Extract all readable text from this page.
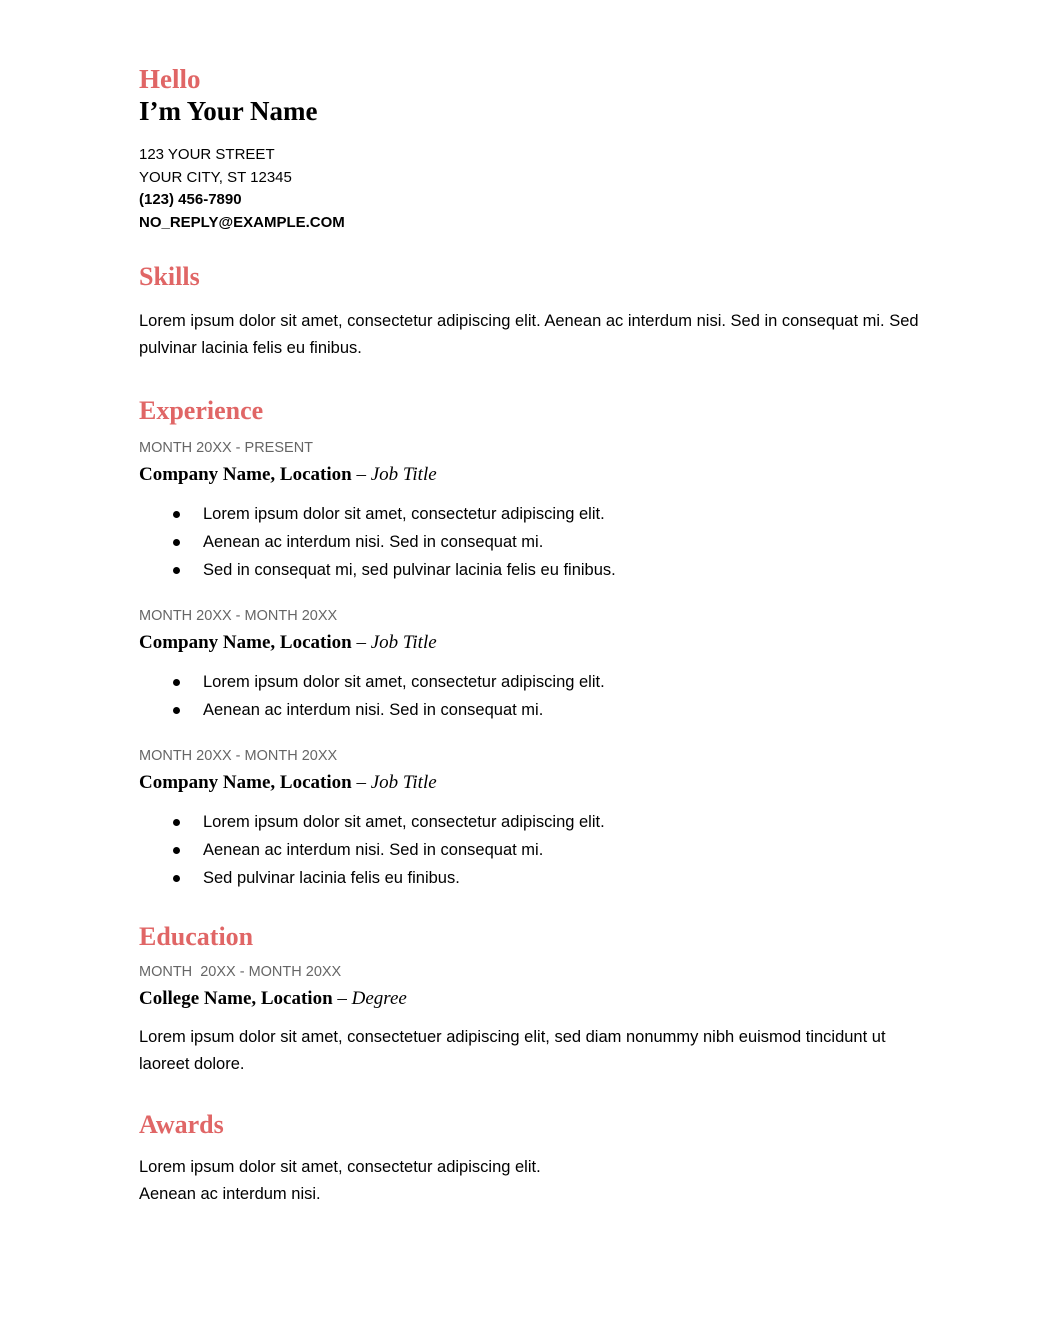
Hello
I’m Your Name
123 YOUR STREET
YOUR CITY, ST 12345
(123) 456-7890
NO_REPLY@EXAMPLE.COM
Skills

Lorem ipsum dolor sit amet, consectetur adipiscing elit. Aenean ac interdum nisi. Sed in consequat mi. Sed pulvinar lacinia felis eu finibus.

Experience

MONTH 20XX - PRESENT

Company Name, Location – Job Title

Lorem ipsum dolor sit amet, consectetur adipiscing elit.
Aenean ac interdum nisi. Sed in consequat mi.
Sed in consequat mi, sed pulvinar lacinia felis eu finibus.

MONTH 20XX - MONTH 20XX

Company Name, Location – Job Title

Lorem ipsum dolor sit amet, consectetur adipiscing elit.
Aenean ac interdum nisi. Sed in consequat mi.

MONTH 20XX - MONTH 20XX

Company Name, Location – Job Title

Lorem ipsum dolor sit amet, consectetur adipiscing elit.
Aenean ac interdum nisi. Sed in consequat mi.
Sed pulvinar lacinia felis eu finibus.
Education

MONTH  20XX - MONTH 20XX

College Name, Location – Degree

Lorem ipsum dolor sit amet, consectetuer adipiscing elit, sed diam nonummy nibh euismod tincidunt ut laoreet dolore.

Awards

Lorem ipsum dolor sit amet, consectetur adipiscing elit.

Aenean ac interdum nisi.
